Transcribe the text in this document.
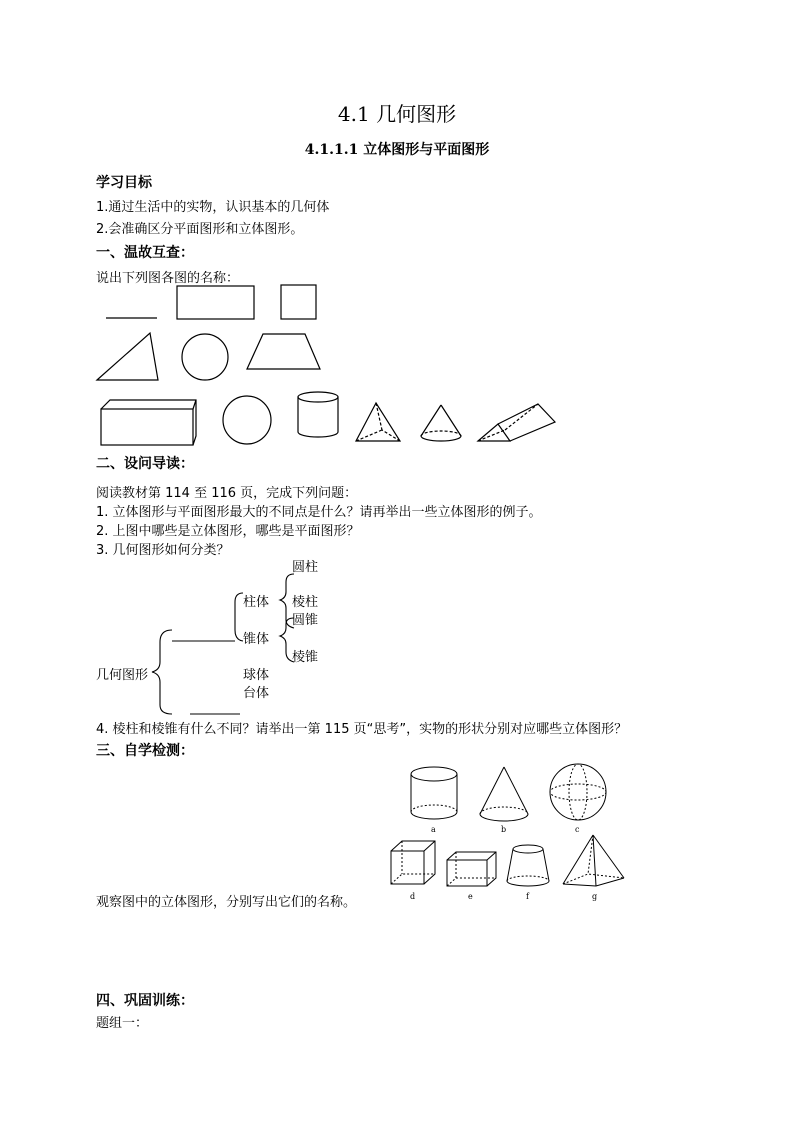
4.1 几何图形
4.1.1.1 立体图形与平面图形
学习目标
1.通过生活中的实物，认识基本的几何体
2.会准确区分平面图形和立体图形。
一、温故互查：
说出下列图各图的名称：
二、设问导读：
阅读教材第 114 至 116 页，完成下列问题：
1. 立体图形与平面图形最大的不同点是什么？请再举出一些立体图形的例子。
2. 上图中哪些是立体图形，哪些是平面图形？
3. 几何图形如何分类？
几何图形
柱体
锥体
球体
台体
圆柱
棱柱
圆锥
棱锥
4. 棱柱和棱锥有什么不同？请举出一第 115 页“思考”，实物的形状分别对应哪些立体图形？
三、自学检测：
a	b	c
d	e	f	g
观察图中的立体图形，分别写出它们的名称。
四、巩固训练：
题组一：
